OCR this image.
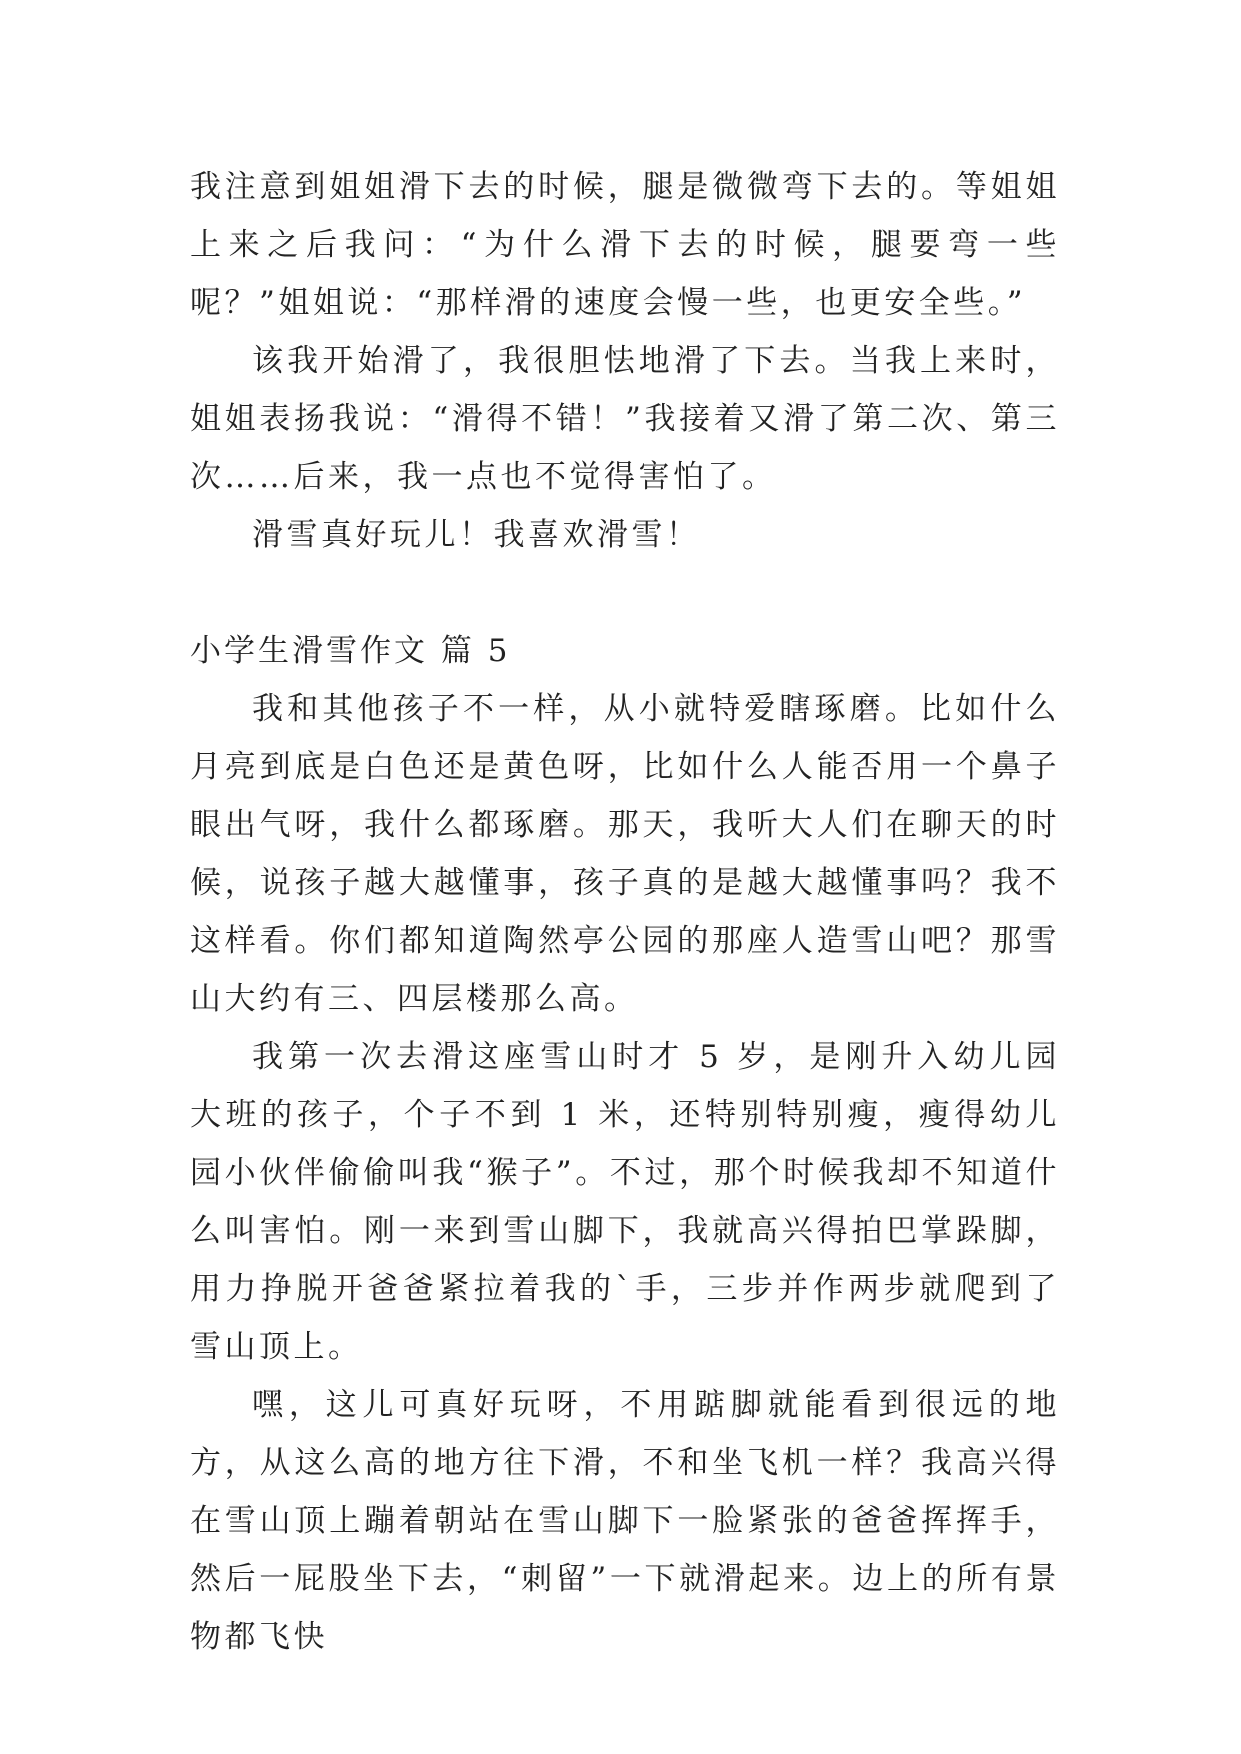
我注意到姐姐滑下去的时候，腿是微微弯下去的。等姐姐上来之后我问：“为什么滑下去的时候，腿要弯一些呢？”姐姐说：“那样滑的速度会慢一些，也更安全些。”

该我开始滑了，我很胆怯地滑了下去。当我上来时，姐姐表扬我说：“滑得不错！”我接着又滑了第二次、第三次……后来，我一点也不觉得害怕了。

滑雪真好玩儿！我喜欢滑雪！

小学生滑雪作文 篇 5

我和其他孩子不一样，从小就特爱瞎琢磨。比如什么月亮到底是白色还是黄色呀，比如什么人能否用一个鼻子眼出气呀，我什么都琢磨。那天，我听大人们在聊天的时候，说孩子越大越懂事，孩子真的是越大越懂事吗？我不这样看。你们都知道陶然亭公园的那座人造雪山吧？那雪山大约有三、四层楼那么高。

我第一次去滑这座雪山时才 5 岁，是刚升入幼儿园大班的孩子，个子不到 1 米，还特别特别瘦，瘦得幼儿园小伙伴偷偷叫我“猴子”。不过，那个时候我却不知道什么叫害怕。刚一来到雪山脚下，我就高兴得拍巴掌跺脚，用力挣脱开爸爸紧拉着我的`手，三步并作两步就爬到了雪山顶上。

嘿，这儿可真好玩呀，不用踮脚就能看到很远的地方，从这么高的地方往下滑，不和坐飞机一样？我高兴得在雪山顶上蹦着朝站在雪山脚下一脸紧张的爸爸挥挥手，然后一屁股坐下去，“刺留”一下就滑起来。边上的所有景物都飞快
